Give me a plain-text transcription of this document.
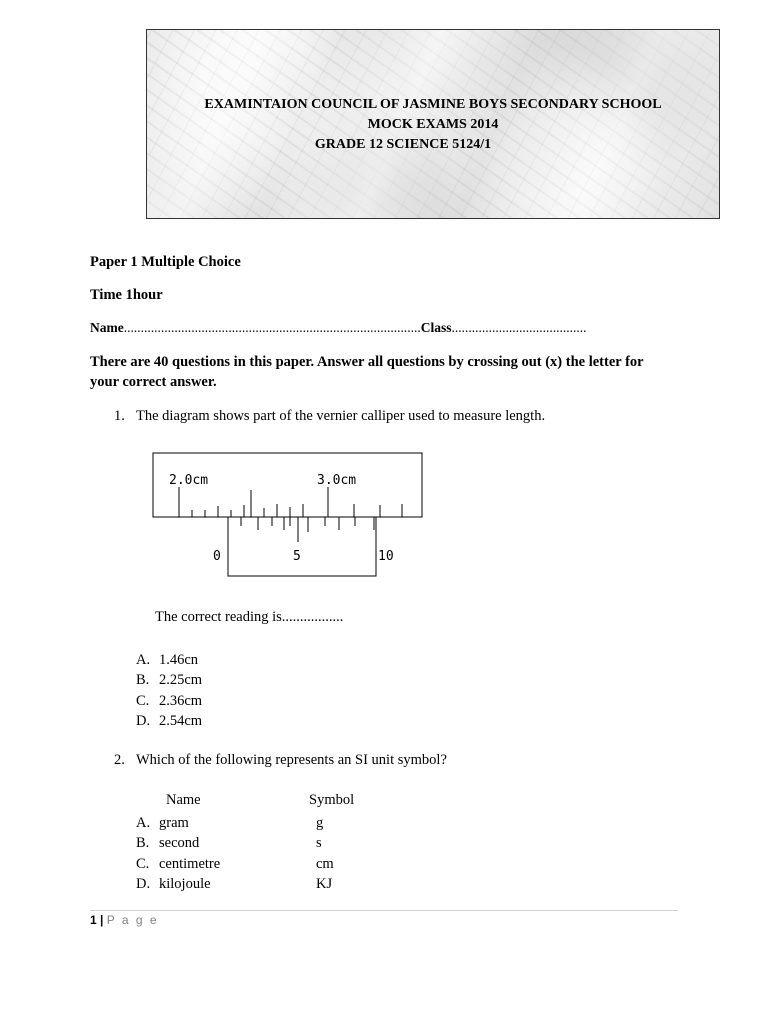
EXAMINTAION COUNCIL OF JASMINE BOYS SECONDARY SCHOOL
MOCK EXAMS 2014
GRADE 12 SCIENCE 5124/1
Paper 1 Multiple Choice
Time 1hour
Name........................................................................................Class........................................
There are 40 questions in this paper. Answer all questions by crossing out (x) the letter for
your correct answer.
1. The diagram shows part of the vernier calliper used to measure length.
2.0cm	3.0cm
0	5	10
The correct reading is.................
A. 1.46cn
B. 2.25cm
C. 2.36cm
D. 2.54cm
2. Which of the following represents an SI unit symbol?
Name	Symbol
A. gram	g
B. second	s
C. centimetre	cm
D. kilojoule	KJ
1 | P a g e
